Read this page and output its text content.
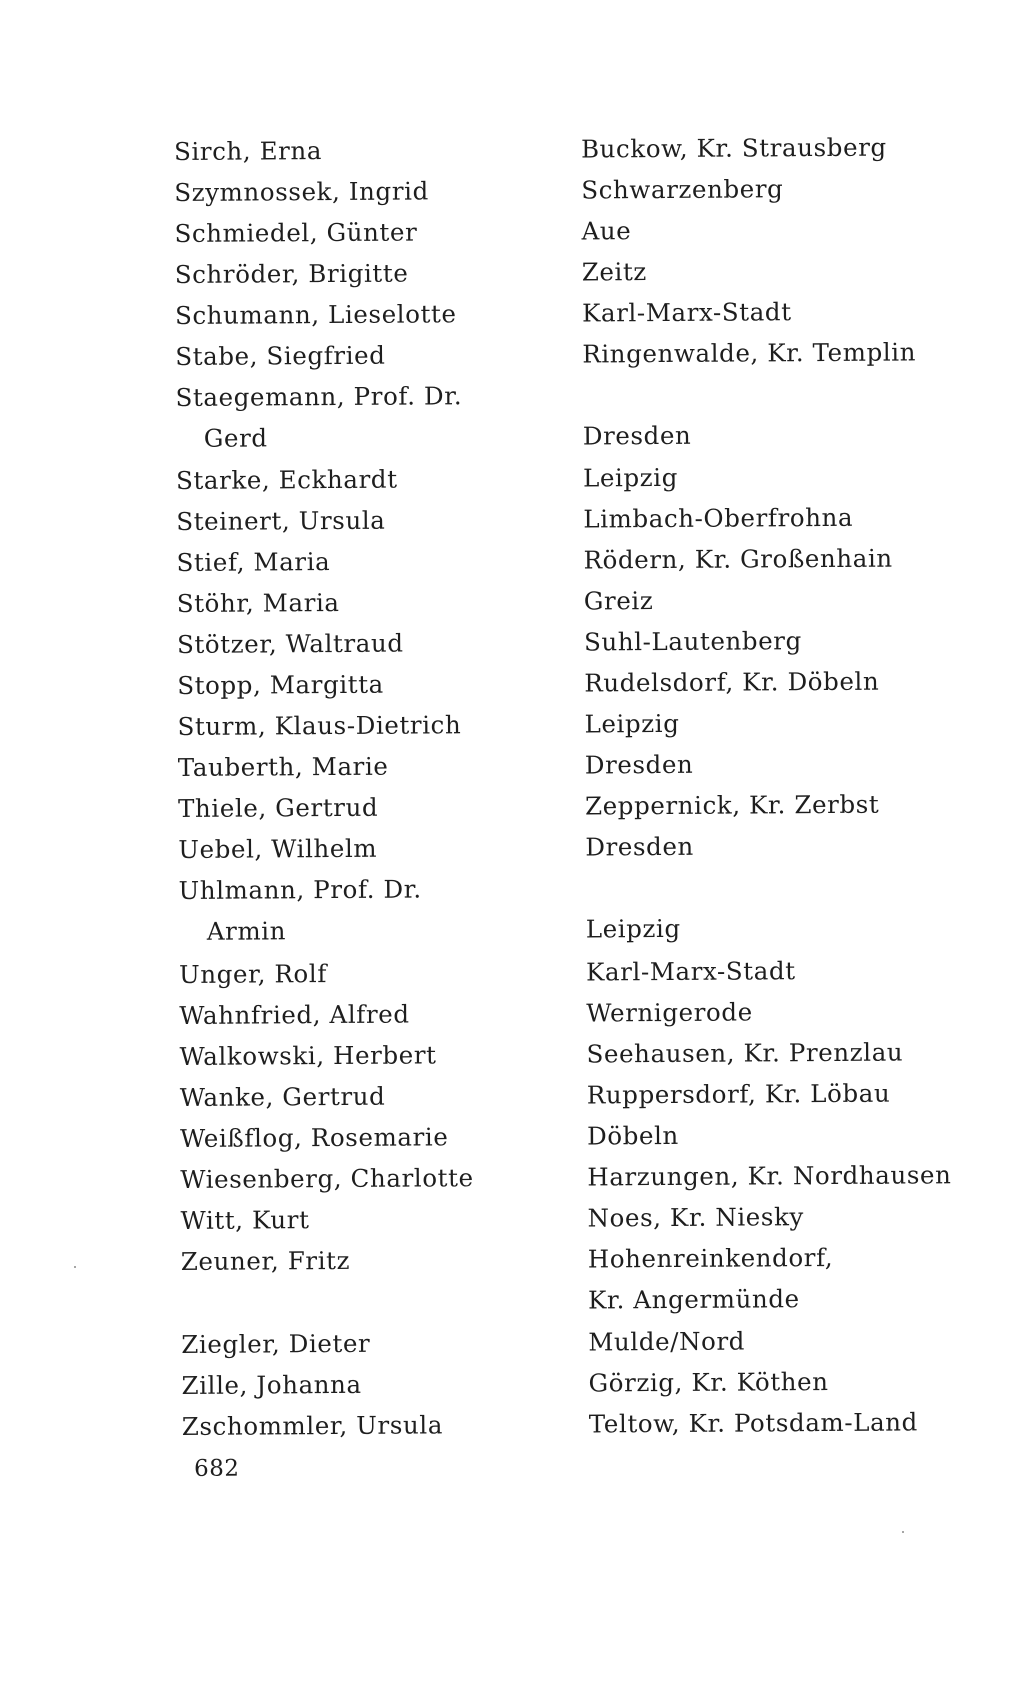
Sirch, Erna	Buckow, Kr. Strausberg
Szymnossek, Ingrid	Schwarzenberg
Schmiedel, Günter	Aue
Schröder, Brigitte	Zeitz
Schumann, Lieselotte	Karl-Marx-Stadt
Stabe, Siegfried	Ringenwalde, Kr. Templin
Staegemann, Prof. Dr.
Gerd	Dresden
Starke, Eckhardt	Leipzig
Steinert, Ursula	Limbach-Oberfrohna
Stief, Maria	Rödern, Kr. Großenhain
Stöhr, Maria	Greiz
Stötzer, Waltraud	Suhl-Lautenberg
Stopp, Margitta	Rudelsdorf, Kr. Döbeln
Sturm, Klaus-Dietrich	Leipzig
Tauberth, Marie	Dresden
Thiele, Gertrud	Zeppernick, Kr. Zerbst
Uebel, Wilhelm	Dresden
Uhlmann, Prof. Dr.
Armin	Leipzig
Unger, Rolf	Karl-Marx-Stadt
Wahnfried, Alfred	Wernigerode
Walkowski, Herbert	Seehausen, Kr. Prenzlau
Wanke, Gertrud	Ruppersdorf, Kr. Löbau
Weißflog, Rosemarie	Döbeln
Wiesenberg, Charlotte	Harzungen, Kr. Nordhausen
Witt, Kurt	Noes, Kr. Niesky
Zeuner, Fritz	Hohenreinkendorf,
Kr. Angermünde
Ziegler, Dieter	Mulde/Nord
Zille, Johanna	Görzig, Kr. Köthen
Zschommler, Ursula	Teltow, Kr. Potsdam-Land
682
